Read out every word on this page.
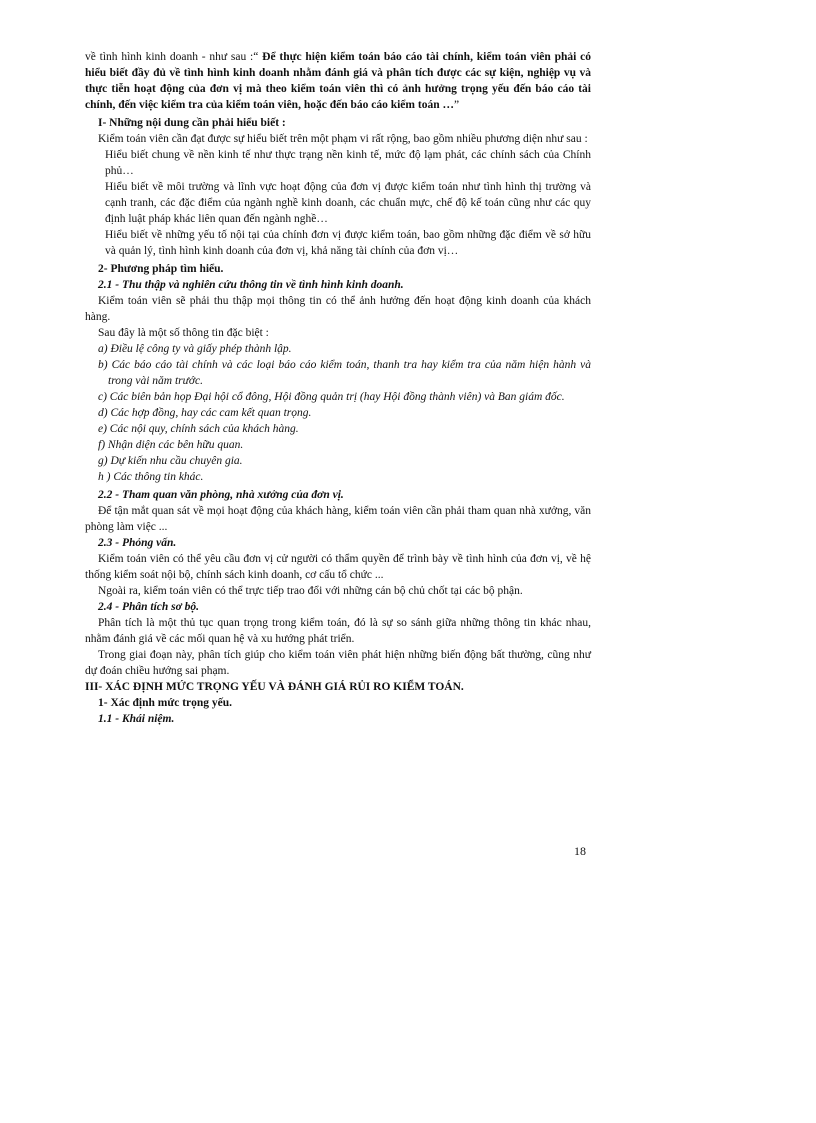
về tình hình kinh doanh - như sau :“ Để thực hiện kiểm toán báo cáo tài chính, kiểm toán viên phải có hiểu biết đầy đủ về tình hình kinh doanh nhằm đánh giá và phân tích được các sự kiện, nghiệp vụ và thực tiễn hoạt động của đơn vị mà theo kiểm toán viên thì có ảnh hưởng trọng yếu đến báo cáo tài chính, đến việc kiểm tra của kiểm toán viên, hoặc đến báo cáo kiểm toán …”

I- Những nội dung cần phải hiểu biết :

Kiểm toán viên cần đạt được sự hiểu biết trên một phạm vi rất rộng, bao gồm nhiều phương diện như sau :

Hiểu biết chung về nền kinh tế như thực trạng nền kinh tế, mức độ lạm phát, các chính sách của Chính phủ…

Hiểu biết về môi trường và lĩnh vực hoạt động của đơn vị được kiểm toán như tình hình thị trường và cạnh tranh, các đặc điểm của ngành nghề kinh doanh, các chuẩn mực, chế độ kế toán cũng như các quy định luật pháp khác liên quan đến ngành nghề…

Hiểu biết về những yếu tố nội tại của chính đơn vị được kiểm toán, bao gồm những đặc điểm về sở hữu và quản lý, tình hình kinh doanh của đơn vị, khả năng tài chính của đơn vị…

2- Phương pháp tìm hiểu.

2.1 - Thu thập và nghiên cứu thông tin về tình hình kinh doanh.

Kiểm toán viên sẽ phải thu thập mọi thông tin có thể ảnh hưởng đến hoạt động kinh doanh của khách hàng.

Sau đây là một số thông tin đặc biệt :

a) Điều lệ công ty và giấy phép thành lập.

b) Các báo cáo tài chính và các loại báo cáo kiểm toán, thanh tra hay kiểm tra của năm hiện hành và trong vài năm trước.

c) Các biên bản họp Đại hội cổ đông, Hội đồng quản trị (hay Hội đồng thành viên) và Ban giám đốc.

d) Các hợp đồng, hay các cam kết quan trọng.

e) Các nội quy, chính sách của khách hàng.

f) Nhận diện các bên hữu quan.

g) Dự kiến nhu cầu chuyên gia.

h ) Các thông tin khác.

2.2 - Tham quan văn phòng, nhà xưởng của đơn vị.

Để tận mắt quan sát về mọi hoạt động của khách hàng, kiểm toán viên cần phải tham quan nhà xưởng, văn phòng làm việc ...

2.3 - Phỏng vấn.

Kiểm toán viên có thể yêu cầu đơn vị cử người có thẩm quyền để trình bày về tình hình của đơn vị, về hệ thống kiểm soát nội bộ, chính sách kinh doanh, cơ cấu tổ chức ...

Ngoài ra, kiểm toán viên có thể trực tiếp trao đổi với những cán bộ chủ chốt tại các bộ phận.

2.4 - Phân tích sơ bộ.

Phân tích là một thủ tục quan trọng trong kiểm toán, đó là sự so sánh giữa những thông tin khác nhau, nhằm đánh giá về các mối quan hệ và xu hướng phát triển.

Trong giai đoạn này, phân tích giúp cho kiểm toán viên phát hiện những biến động bất thường, cũng như dự đoán chiều hướng sai phạm.

III- XÁC ĐỊNH MỨC TRỌNG YẾU VÀ ĐÁNH GIÁ RỦI RO KIỂM TOÁN.

1- Xác định mức trọng yếu.

1.1 - Khái niệm.

18
